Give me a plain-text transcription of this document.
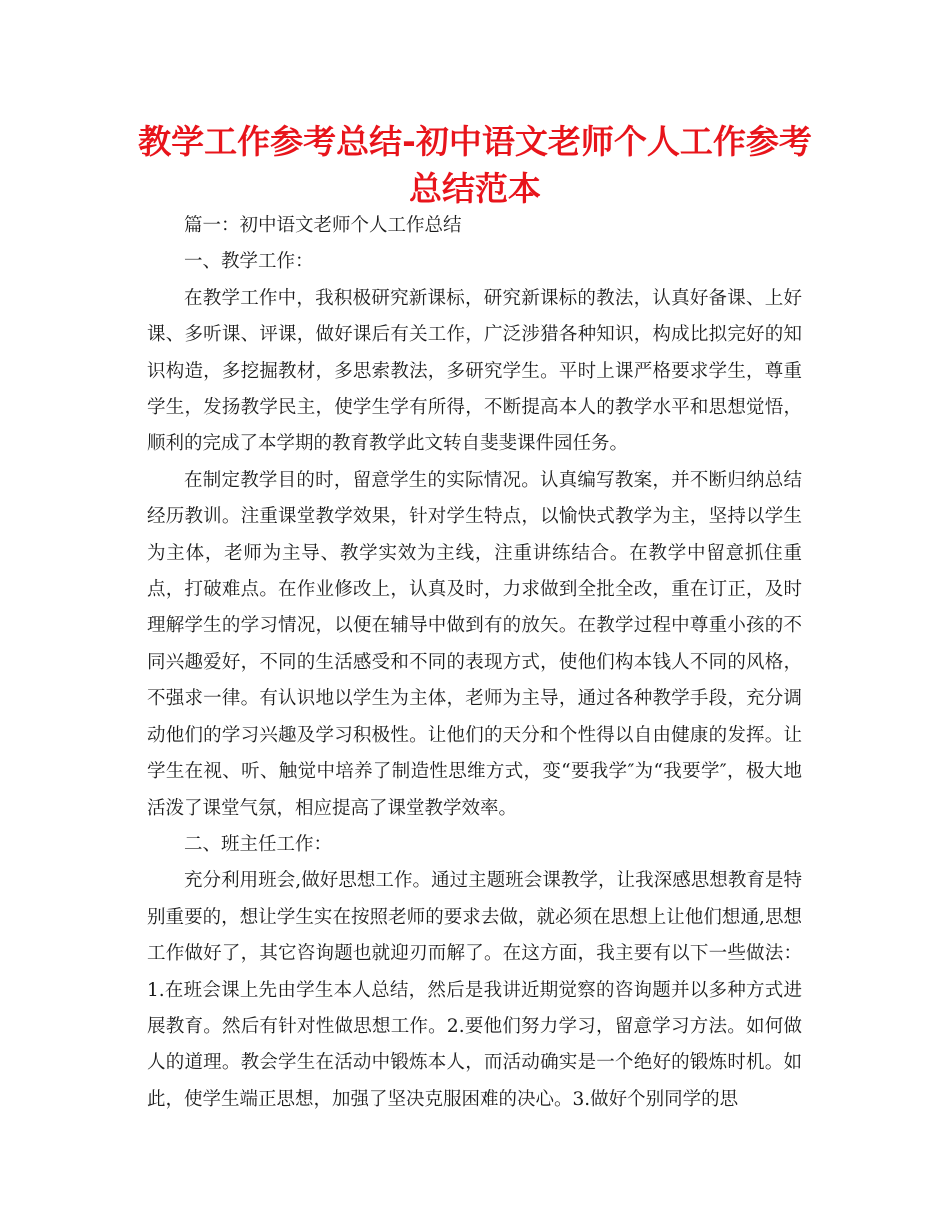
教学工作参考总结-初中语文老师个人工作参考总结范本

篇一：初中语文老师个人工作总结

一、教学工作：

在教学工作中，我积极研究新课标，研究新课标的教法，认真好备课、上好课、多听课、评课，做好课后有关工作，广泛涉猎各种知识，构成比拟完好的知识构造，多挖掘教材，多思索教法，多研究学生。平时上课严格要求学生，尊重学生，发扬教学民主，使学生学有所得，不断提高本人的教学水平和思想觉悟，顺利的完成了本学期的教育教学此文转自斐斐课件园任务。

在制定教学目的时，留意学生的实际情况。认真编写教案，并不断归纳总结经历教训。注重课堂教学效果，针对学生特点，以愉快式教学为主，坚持以学生为主体，老师为主导、教学实效为主线，注重讲练结合。在教学中留意抓住重点，打破难点。在作业修改上，认真及时，力求做到全批全改，重在订正，及时理解学生的学习情况，以便在辅导中做到有的放矢。在教学过程中尊重小孩的不同兴趣爱好，不同的生活感受和不同的表现方式，使他们构本钱人不同的风格，不强求一律。有认识地以学生为主体，老师为主导，通过各种教学手段，充分调动他们的学习兴趣及学习积极性。让他们的天分和个性得以自由健康的发挥。让学生在视、听、触觉中培养了制造性思维方式，变“要我学″为“我要学″，极大地活泼了课堂气氛，相应提高了课堂教学效率。

二、班主任工作：

充分利用班会,做好思想工作。通过主题班会课教学，让我深感思想教育是特别重要的，想让学生实在按照老师的要求去做，就必须在思想上让他们想通,思想工作做好了，其它咨询题也就迎刃而解了。在这方面，我主要有以下一些做法：1.在班会课上先由学生本人总结，然后是我讲近期觉察的咨询题并以多种方式进展教育。然后有针对性做思想工作。2.要他们努力学习，留意学习方法。如何做人的道理。教会学生在活动中锻炼本人，而活动确实是一个绝好的锻炼时机。如此，使学生端正思想，加强了坚决克服困难的决心。3.做好个别同学的思
